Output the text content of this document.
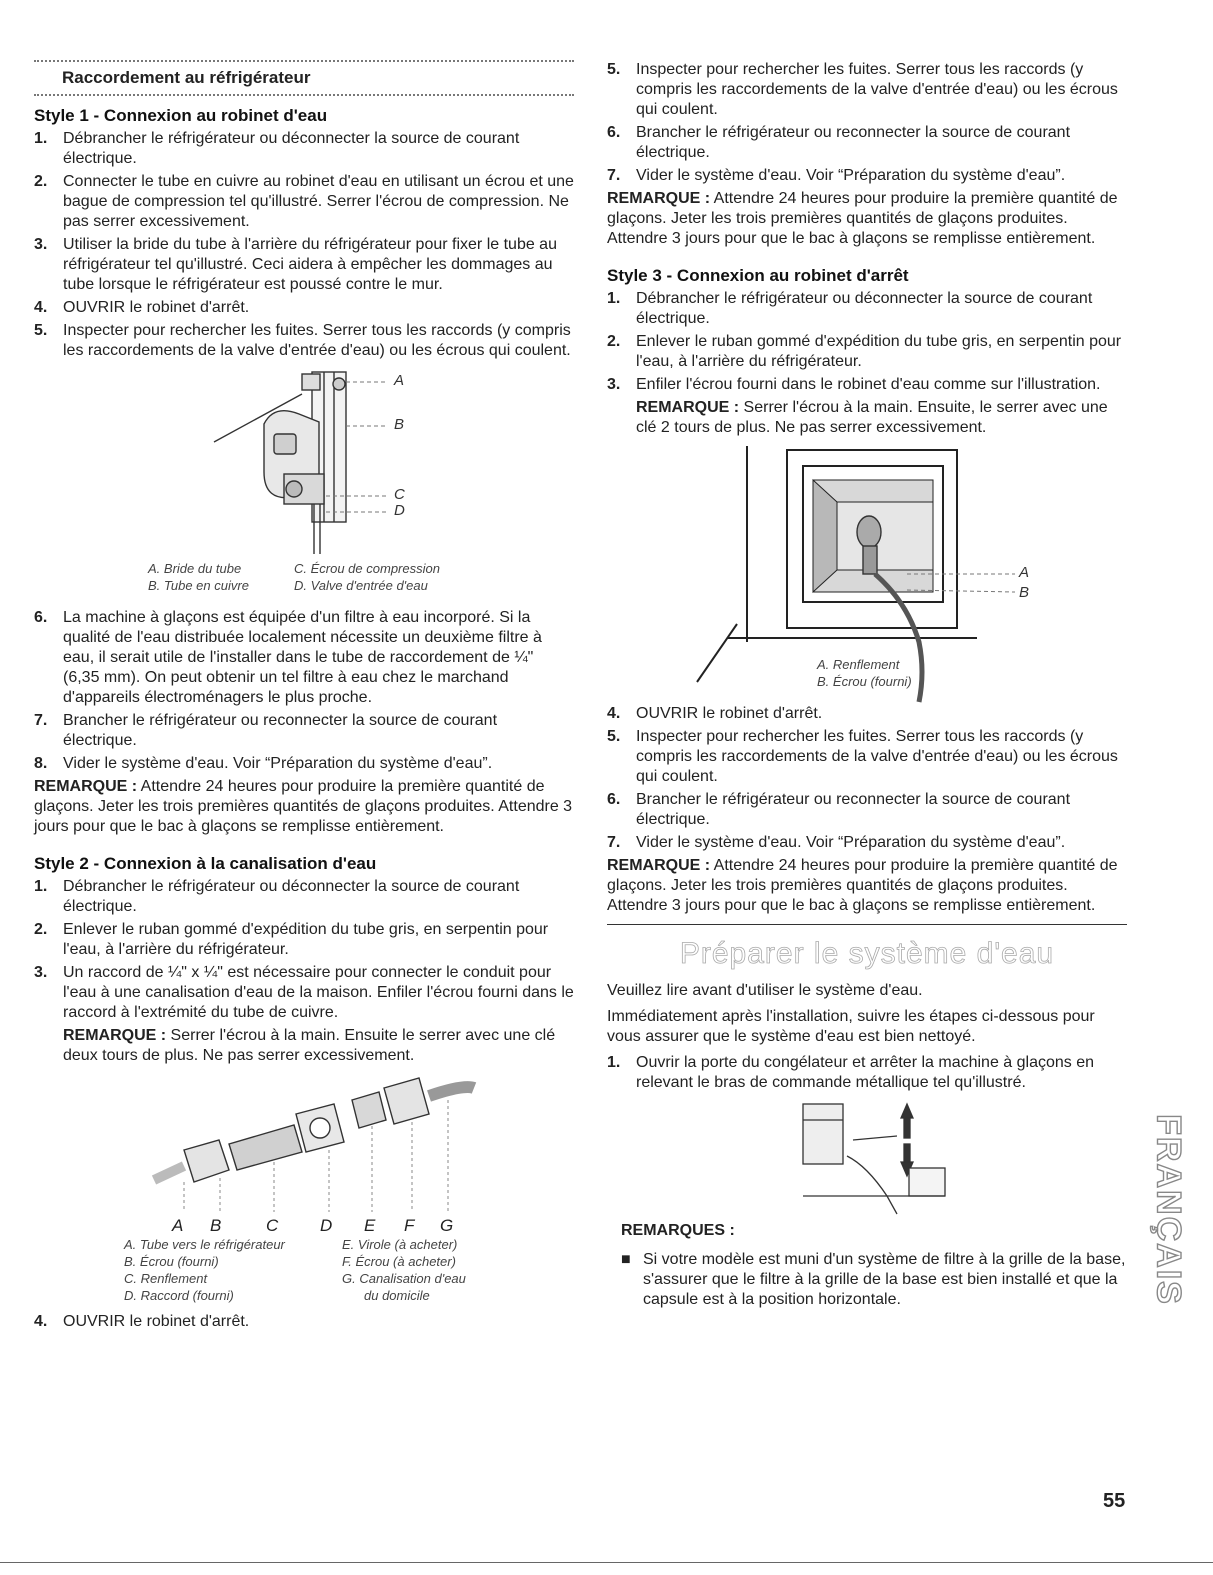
Raccordement au réfrigérateur
Style 1 - Connexion au robinet d'eau
1. Débrancher le réfrigérateur ou déconnecter la source de courant électrique.
2. Connecter le tube en cuivre au robinet d'eau en utilisant un écrou et une bague de compression tel qu'illustré. Serrer l'écrou de compression. Ne pas serrer excessivement.
3. Utiliser la bride du tube à l'arrière du réfrigérateur pour fixer le tube au réfrigérateur tel qu'illustré. Ceci aidera à empêcher les dommages au tube lorsque le réfrigérateur est poussé contre le mur.
4. OUVRIR le robinet d'arrêt.
5. Inspecter pour rechercher les fuites. Serrer tous les raccords (y compris les raccordements de la valve d'entrée d'eau) ou les écrous qui coulent.
A
B
C
D
A. Bride du tube
B. Tube en cuivre
C. Écrou de compression
D. Valve d'entrée d'eau
6. La machine à glaçons est équipée d'un filtre à eau incorporé. Si la qualité de l'eau distribuée localement nécessite un deuxième filtre à eau, il serait utile de l'installer dans le tube de raccordement de ¼" (6,35 mm). On peut obtenir un tel filtre à eau chez le marchand d'appareils électroménagers le plus proche.
7. Brancher le réfrigérateur ou reconnecter la source de courant électrique.
8. Vider le système d'eau. Voir “Préparation du système d'eau”.

REMARQUE : Attendre 24 heures pour produire la première quantité de glaçons. Jeter les trois premières quantités de glaçons produites. Attendre 3 jours pour que le bac à glaçons se remplisse entièrement.

Style 2 - Connexion à la canalisation d'eau
1. Débrancher le réfrigérateur ou déconnecter la source de courant électrique.
2. Enlever le ruban gommé d'expédition du tube gris, en serpentin pour l'eau, à l'arrière du réfrigérateur.
3. Un raccord de ¼" x ¼" est nécessaire pour connecter le conduit pour l'eau à une canalisation d'eau de la maison. Enfiler l'écrou fourni dans le raccord à l'extrémité du tube de cuivre.

REMARQUE : Serrer l'écrou à la main. Ensuite le serrer avec une clé deux tours de plus. Ne pas serrer excessivement.

A	B	C	D	E	F	G
A. Tube vers le réfrigérateur
B. Écrou (fourni)
C. Renflement
D. Raccord (fourni)
E. Virole (à acheter)
F. Écrou (à acheter)
G. Canalisation d'eau
du domicile
4. OUVRIR le robinet d'arrêt.
5. Inspecter pour rechercher les fuites. Serrer tous les raccords (y compris les raccordements de la valve d'entrée d'eau) ou les écrous qui coulent.
6. Brancher le réfrigérateur ou reconnecter la source de courant électrique.
7. Vider le système d'eau. Voir “Préparation du système d'eau”.

REMARQUE : Attendre 24 heures pour produire la première quantité de glaçons. Jeter les trois premières quantités de glaçons produites. Attendre 3 jours pour que le bac à glaçons se remplisse entièrement.

Style 3 - Connexion au robinet d'arrêt
1. Débrancher le réfrigérateur ou déconnecter la source de courant électrique.
2. Enlever le ruban gommé d'expédition du tube gris, en serpentin pour l'eau, à l'arrière du réfrigérateur.
3. Enfiler l'écrou fourni dans le robinet d'eau comme sur l'illustration.

REMARQUE : Serrer l'écrou à la main. Ensuite, le serrer avec une clé 2 tours de plus. Ne pas serrer excessivement.

A
B
A. Renflement
B. Écrou (fourni)
4. OUVRIR le robinet d'arrêt.
5. Inspecter pour rechercher les fuites. Serrer tous les raccords (y compris les raccordements de la valve d'entrée d'eau) ou les écrous qui coulent.
6. Brancher le réfrigérateur ou reconnecter la source de courant électrique.
7. Vider le système d'eau. Voir “Préparation du système d'eau”.

REMARQUE : Attendre 24 heures pour produire la première quantité de glaçons. Jeter les trois premières quantités de glaçons produites. Attendre 3 jours pour que le bac à glaçons se remplisse entièrement.

Préparer le système d'eau

Veuillez lire avant d'utiliser le système d'eau.

Immédiatement après l'installation, suivre les étapes ci-dessous pour vous assurer que le système d'eau est bien nettoyé.

1. Ouvrir la porte du congélateur et arrêter la machine à glaçons en relevant le bras de commande métallique tel qu'illustré.
REMARQUES :
■ Si votre modèle est muni d'un système de filtre à la grille de la base, s'assurer que le filtre à la grille de la base est bien installé et que la capsule est à la position horizontale.	FRANÇAIS
55
